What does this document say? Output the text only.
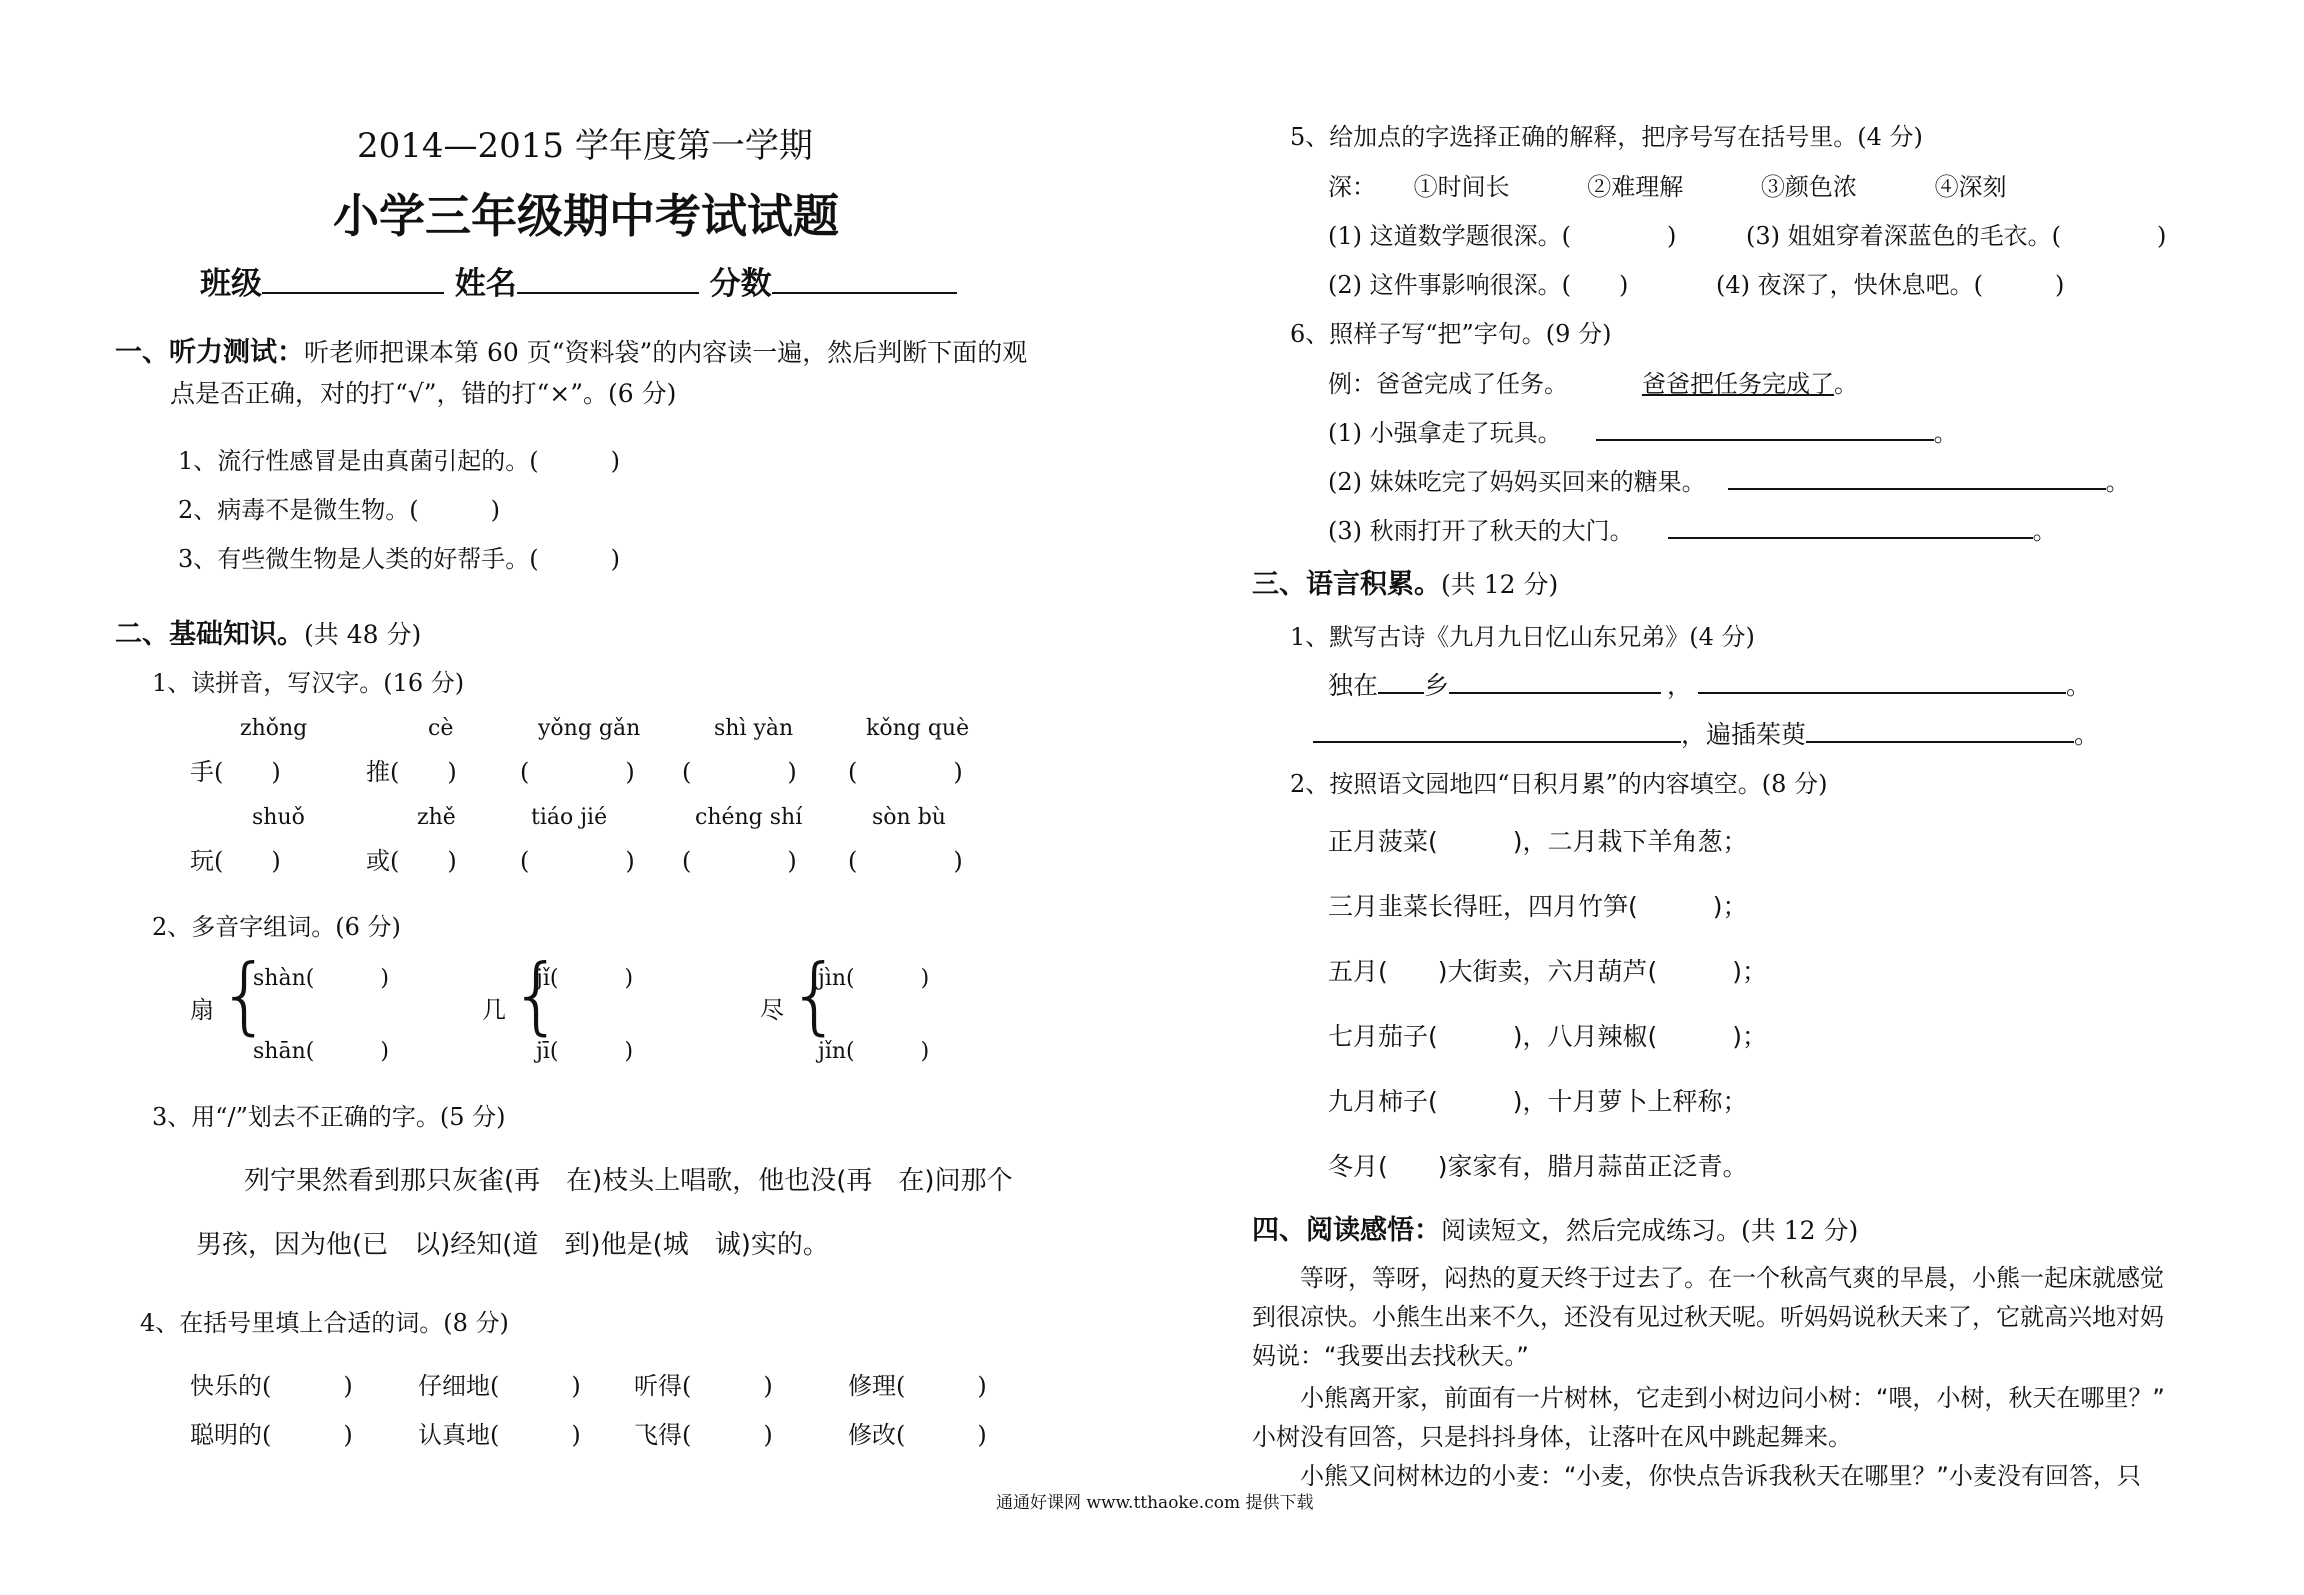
2014—2015 学年度第一学期
小学三年级期中考试试题
班级	姓名	分数
一、听力测试：听老师把课本第 60 页“资料袋”的内容读一遍，然后判断下面的观
点是否正确，对的打“√”，错的打“×”。(6 分)
1、流行性感冒是由真菌引起的。(　　　)
2、病毒不是微生物。(　　　)
3、有些微生物是人类的好帮手。(　　　)
二、基础知识。(共 48 分)
1、读拼音，写汉字。(16 分)
zhǒng	cè	yǒng gǎn	shì yàn	kǒng què
手(　　)	推(　　)	(　　　　) (　　　　) (　　　　)
shuǒ	zhě	tiáo jié	chéng shí	sòn bù
玩(　　)	或(　　)	(　　　　) (　　　　) (　　　　)
2、多音字组词。(6 分)
扇 {
shàn(　　　)
shān(　　　)
几 {
jǐ(　　　)
jī(　　　)
尽 {
jìn(　　　)
jǐn(　　　)
3、用“/”划去不正确的字。(5 分)
列宁果然看到那只灰雀(再　在)枝头上唱歌，他也没(再　在)问那个
男孩，因为他(已　以)经知(道　到)他是(城　诚)实的。
4、在括号里填上合适的词。(8 分)
快乐的(　　　)	仔细地(　　　) 听得(　　　)	修理(　　　)
聪明的(　　　)	认真地(　　　) 飞得(　　　)	修改(　　　)
5、给加点的字选择正确的解释，把序号写在括号里。(4 分)
深： ①时间长	②难理解	③颜色浓	④深刻
(1) 这道数学题很深。(　　　　)	(3) 姐姐穿着深蓝色的毛衣。(　　　　)
(2) 这件事影响很深。(　　)	(4) 夜深了，快休息吧。(　　　)
6、照样子写“把”字句。(9 分)
例：爸爸完成了任务。	爸爸把任务完成了。
(1) 小强拿走了玩具。	。
(2) 妹妹吃完了妈妈买回来的糖果。	。
(3) 秋雨打开了秋天的大门。	。
三、语言积累。(共 12 分)
1、默写古诗《九月九日忆山东兄弟》(4 分)
独在 乡	，	。
，遍插茱萸	。
2、按照语文园地四“日积月累”的内容填空。(8 分)
正月菠菜(　　　)，二月栽下羊角葱；
三月韭菜长得旺，四月竹笋(　　　)；
五月(　　)大街卖，六月葫芦(　　　)；
七月茄子(　　　)，八月辣椒(　　　)；
九月柿子(　　　)，十月萝卜上秤称；
冬月(　　)家家有，腊月蒜苗正泛青。
四、阅读感悟：阅读短文，然后完成练习。(共 12 分)
　　等呀，等呀，闷热的夏天终于过去了。在一个秋高气爽的早晨，小熊一起床就感觉
到很凉快。小熊生出来不久，还没有见过秋天呢。听妈妈说秋天来了，它就高兴地对妈
妈说：“我要出去找秋天。”
　　小熊离开家，前面有一片树林，它走到小树边问小树：“喂，小树，秋天在哪里？”
小树没有回答，只是抖抖身体，让落叶在风中跳起舞来。
　　小熊又问树林边的小麦：“小麦，你快点告诉我秋天在哪里？”小麦没有回答，只
通通好课网 www.tthaoke.com 提供下载
